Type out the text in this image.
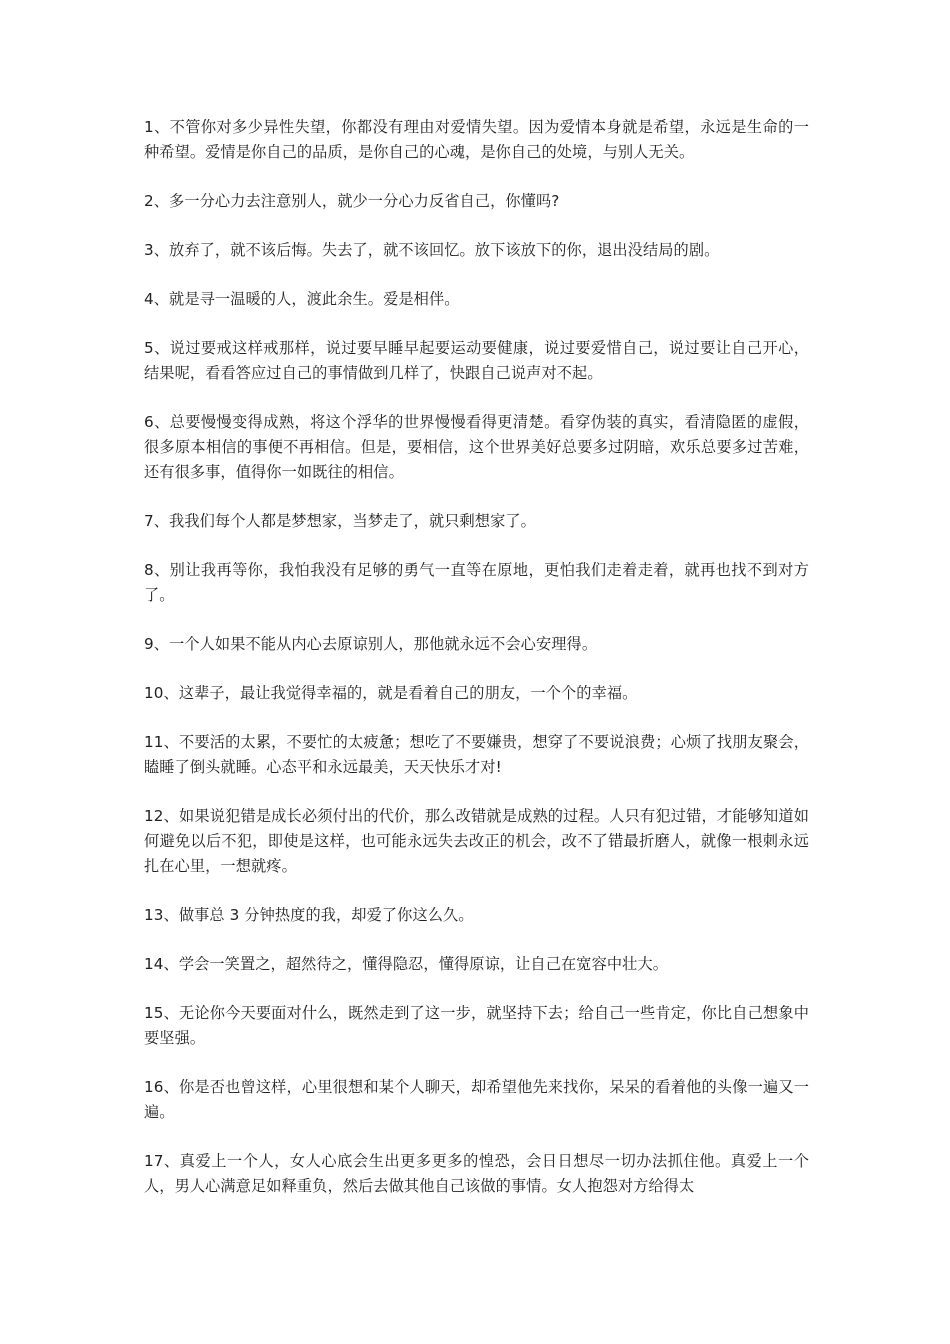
1、不管你对多少异性失望，你都没有理由对爱情失望。因为爱情本身就是希望，永远是生命的一种希望。爱情是你自己的品质，是你自己的心魂，是你自己的处境，与别人无关。

2、多一分心力去注意别人，就少一分心力反省自己，你懂吗?

3、放弃了，就不该后悔。失去了，就不该回忆。放下该放下的你，退出没结局的剧。

4、就是寻一温暖的人，渡此余生。爱是相伴。

5、说过要戒这样戒那样，说过要早睡早起要运动要健康，说过要爱惜自己，说过要让自己开心，结果呢，看看答应过自己的事情做到几样了，快跟自己说声对不起。

6、总要慢慢变得成熟，将这个浮华的世界慢慢看得更清楚。看穿伪装的真实，看清隐匿的虚假，很多原本相信的事便不再相信。但是，要相信，这个世界美好总要多过阴暗，欢乐总要多过苦难，还有很多事，值得你一如既往的相信。

7、我我们每个人都是梦想家，当梦走了，就只剩想家了。

8、别让我再等你，我怕我没有足够的勇气一直等在原地，更怕我们走着走着，就再也找不到对方了。

9、一个人如果不能从内心去原谅别人，那他就永远不会心安理得。

10、这辈子，最让我觉得幸福的，就是看着自己的朋友，一个个的幸福。

11、不要活的太累，不要忙的太疲惫；想吃了不要嫌贵，想穿了不要说浪费；心烦了找朋友聚会，瞌睡了倒头就睡。心态平和永远最美，天天快乐才对!

12、如果说犯错是成长必须付出的代价，那么改错就是成熟的过程。人只有犯过错，才能够知道如何避免以后不犯，即使是这样，也可能永远失去改正的机会，改不了错最折磨人，就像一根刺永远扎在心里，一想就疼。

13、做事总 3 分钟热度的我，却爱了你这么久。

14、学会一笑置之，超然待之，懂得隐忍，懂得原谅，让自己在宽容中壮大。

15、无论你今天要面对什么，既然走到了这一步，就坚持下去；给自己一些肯定，你比自己想象中要坚强。

16、你是否也曾这样，心里很想和某个人聊天，却希望他先来找你，呆呆的看着他的头像一遍又一遍。

17、真爱上一个人，女人心底会生出更多更多的惶恐，会日日想尽一切办法抓住他。真爱上一个人，男人心满意足如释重负，然后去做其他自己该做的事情。女人抱怨对方给得太
